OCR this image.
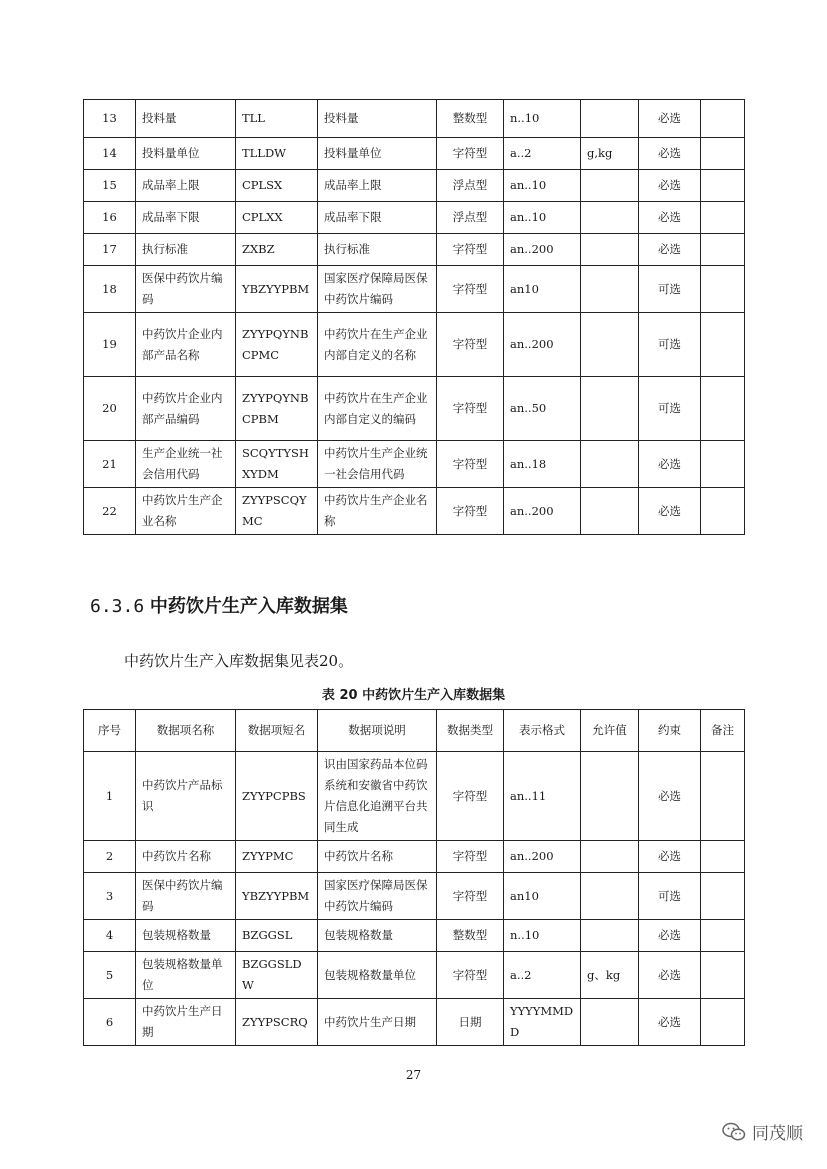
13	投料量	TLL	投料量	整数型	n..10		必选	
14	投料量单位	TLLDW	投料量单位	字符型	a..2	g,kg	必选	
15	成品率上限	CPLSX	成品率上限	浮点型	an..10		必选	
16	成品率下限	CPLXX	成品率下限	浮点型	an..10		必选	
17	执行标准	ZXBZ	执行标准	字符型	an..200		必选	
18	医保中药饮片编码	YBZYYPBM	国家医疗保障局医保中药饮片编码	字符型	an10		可选	
19	中药饮片企业内部产品名称	ZYYPQYNBCPMC	中药饮片在生产企业内部自定义的名称	字符型	an..200		可选	
20	中药饮片企业内部产品编码	ZYYPQYNBCPBM	中药饮片在生产企业内部自定义的编码	字符型	an..50		可选	
21	生产企业统一社会信用代码	SCQYTYSHXYDM	中药饮片生产企业统一社会信用代码	字符型	an..18		必选	
22	中药饮片生产企业名称	ZYYPSCQYMC	中药饮片生产企业名称	字符型	an..200		必选	
6.3.6 中药饮片生产入库数据集

中药饮片生产入库数据集见表20。

表 20 中药饮片生产入库数据集

序号	数据项名称	数据项短名	数据项说明	数据类型	表示格式	允许值	约束	备注
1	中药饮片产品标识	ZYYPCPBS	识由国家药品本位码系统和安徽省中药饮片信息化追溯平台共同生成	字符型	an..11		必选	
2	中药饮片名称	ZYYPMC	中药饮片名称	字符型	an..200		必选	
3	医保中药饮片编码	YBZYYPBM	国家医疗保障局医保中药饮片编码	字符型	an10		可选	
4	包装规格数量	BZGGSL	包装规格数量	整数型	n..10		必选	
5	包装规格数量单位	BZGGSLDW	包装规格数量单位	字符型	a..2	g、kg	必选	
6	中药饮片生产日期	ZYYPSCRQ	中药饮片生产日期	日期	YYYYMMDD		必选	
27
同茂顺
